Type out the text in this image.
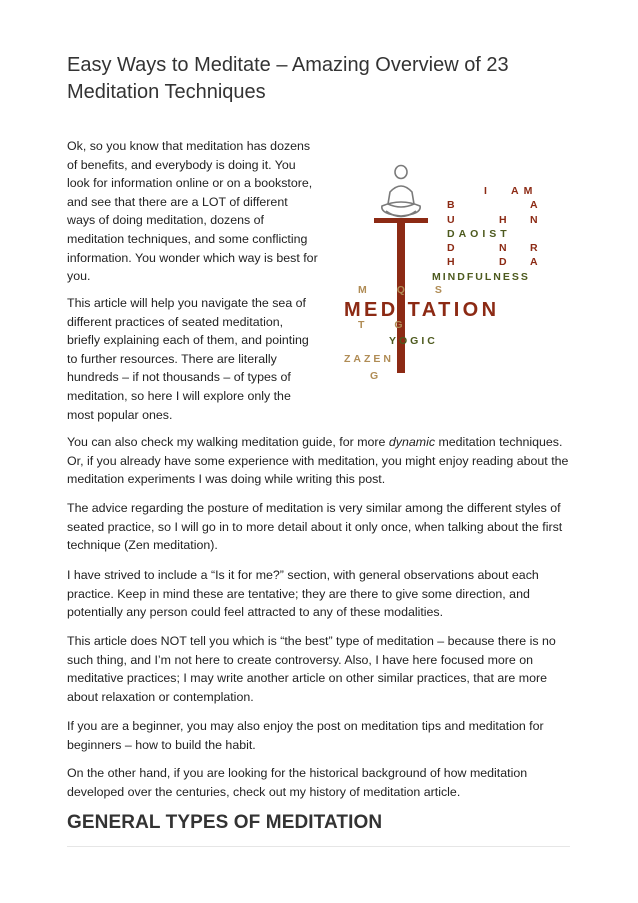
Easy Ways to Meditate – Amazing Overview of 23 Meditation Techniques

Ok, so you know that meditation has dozens of benefits, and everybody is doing it. You look for information online or on a bookstore, and see that there are a LOT of different ways of doing meditation, dozens of meditation techniques, and some conflicting information. You wonder which way is best for you.

This article will help you navigate the sea of different practices of seated meditation, briefly explaining each of them, and pointing to further resources. There are literally hundreds – if not thousands – of types of meditation, so here I will explore only the most popular ones.

I AM
B	A
U	H N
DAOIST
D	N R
H	D A
MINDFULNESS
MQS
TG
MEDITATION
YOGIC
ZAZEN
G

You can also check my walking meditation guide, for more dynamic meditation techniques. Or, if you already have some experience with meditation, you might enjoy reading about the meditation experiments I was doing while writing this post.

The advice regarding the posture of meditation is very similar among the different styles of seated practice, so I will go in to more detail about it only once, when talking about the first technique (Zen meditation).

I have strived to include a “Is it for me?” section, with general observations about each practice. Keep in mind these are tentative; they are there to give some direction, and potentially any person could feel attracted to any of these modalities.

This article does NOT tell you which is “the best” type of meditation – because there is no such thing, and I’m not here to create controversy. Also, I have here focused more on meditative practices; I may write another article on other similar practices, that are more about relaxation or contemplation.

If you are a beginner, you may also enjoy the post on meditation tips and meditation for beginners – how to build the habit.

On the other hand, if you are looking for the historical background of how meditation developed over the centuries, check out my history of meditation article.

GENERAL TYPES OF MEDITATION
